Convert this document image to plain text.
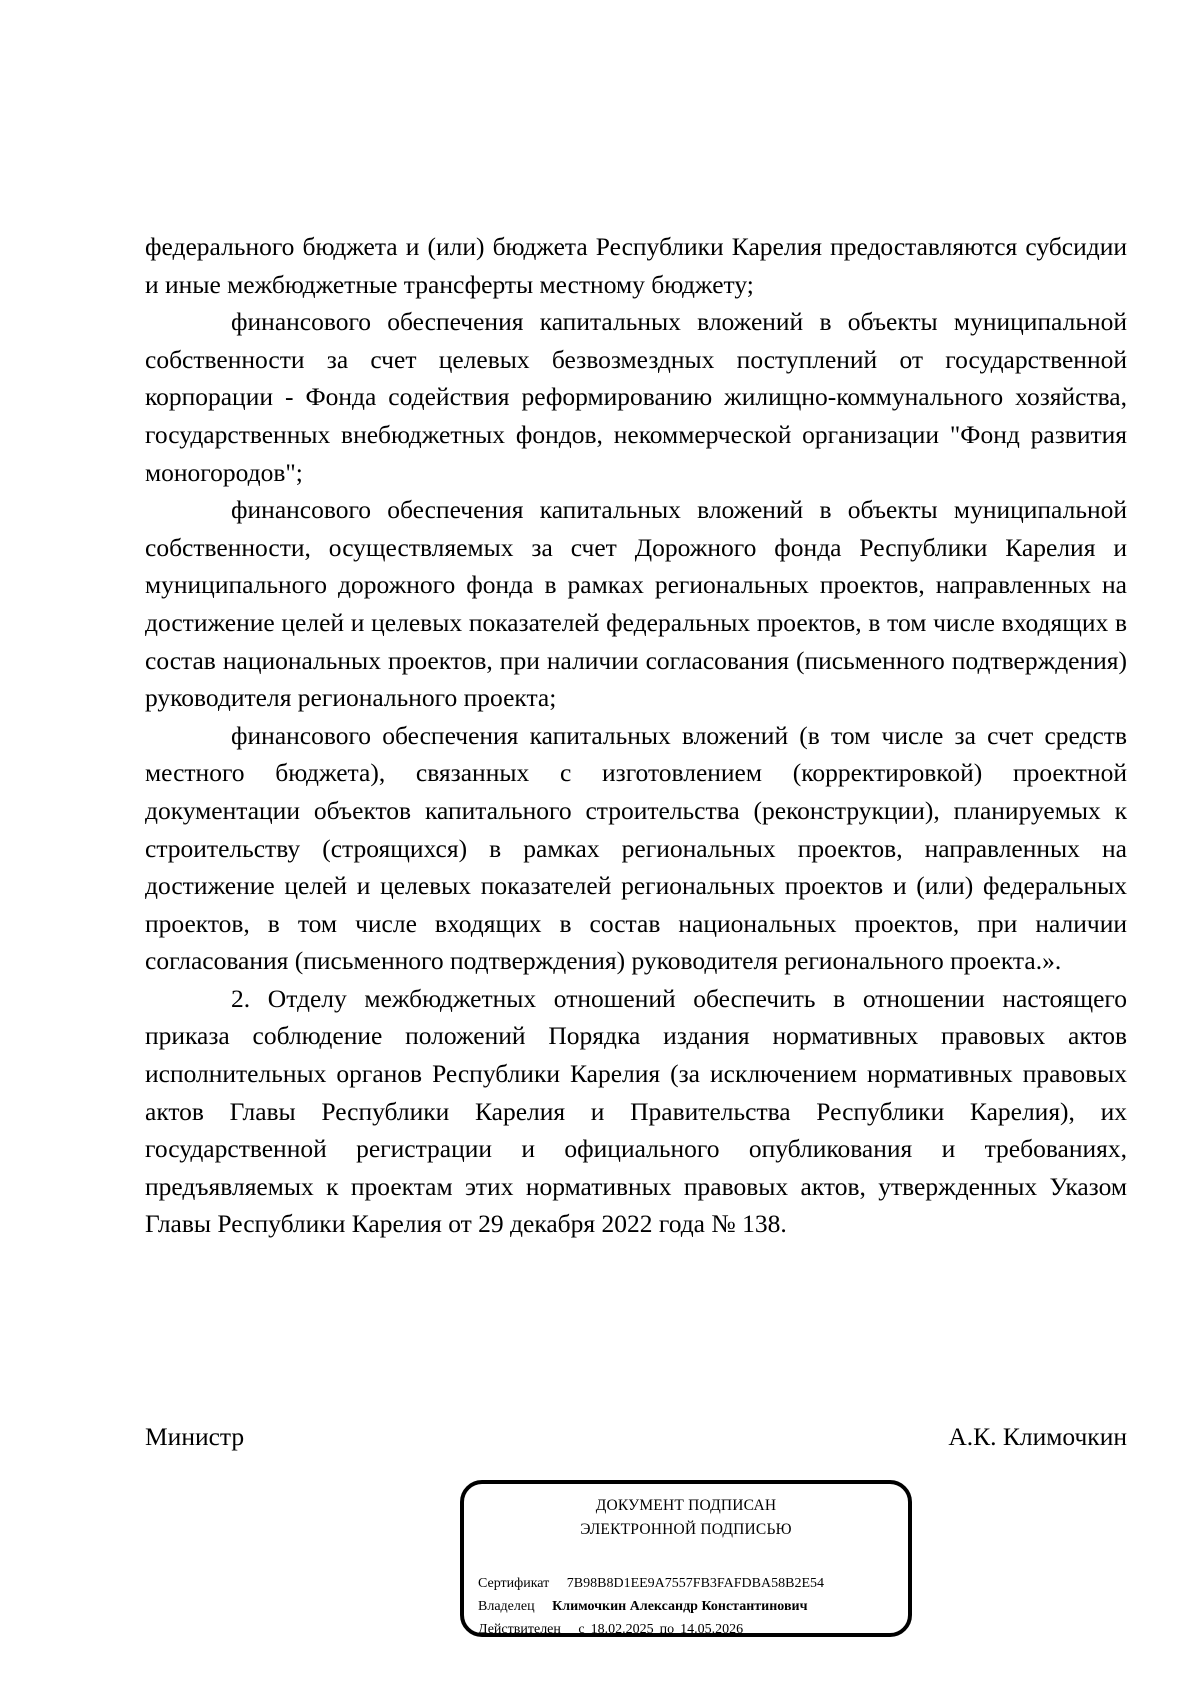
федерального бюджета и (или) бюджета Республики Карелия предоставляются субсидии и иные межбюджетные трансферты местному бюджету;

финансового обеспечения капитальных вложений в объекты муниципальной собственности за счет целевых безвозмездных поступлений от государственной корпорации - Фонда содействия реформированию жилищно-коммунального хозяйства, государственных внебюджетных фондов, некоммерческой организации "Фонд развития моногородов";

финансового обеспечения капитальных вложений в объекты муниципальной собственности, осуществляемых за счет Дорожного фонда Республики Карелия и муниципального дорожного фонда в рамках региональных проектов, направленных на достижение целей и целевых показателей федеральных проектов, в том числе входящих в состав национальных проектов, при наличии согласования (письменного подтверждения) руководителя регионального проекта;

финансового обеспечения капитальных вложений (в том числе за счет средств местного бюджета), связанных с изготовлением (корректировкой) проектной документации объектов капитального строительства (реконструкции), планируемых к строительству (строящихся) в рамках региональных проектов, направленных на достижение целей и целевых показателей региональных проектов и (или) федеральных проектов, в том числе входящих в состав национальных проектов, при наличии согласования (письменного подтверждения) руководителя регионального проекта.».

2. Отделу межбюджетных отношений обеспечить в отношении настоящего приказа соблюдение положений Порядка издания нормативных правовых актов исполнительных органов Республики Карелия (за исключением нормативных правовых актов Главы Республики Карелия и Правительства Республики Карелия), их государственной регистрации и официального опубликования и требованиях, предъявляемых к проектам этих нормативных правовых актов, утвержденных Указом Главы Республики Карелия от 29 декабря 2022 года № 138.

Министр	А.К. Климочкин
ДОКУМЕНТ ПОДПИСАН
ЭЛЕКТРОННОЙ ПОДПИСЬЮ
Сертификат 7B98B8D1EE9A7557FB3FAFDBA58B2E54
Владелец Климочкин Александр Константинович
Действителен с 18.02.2025 по 14.05.2026
